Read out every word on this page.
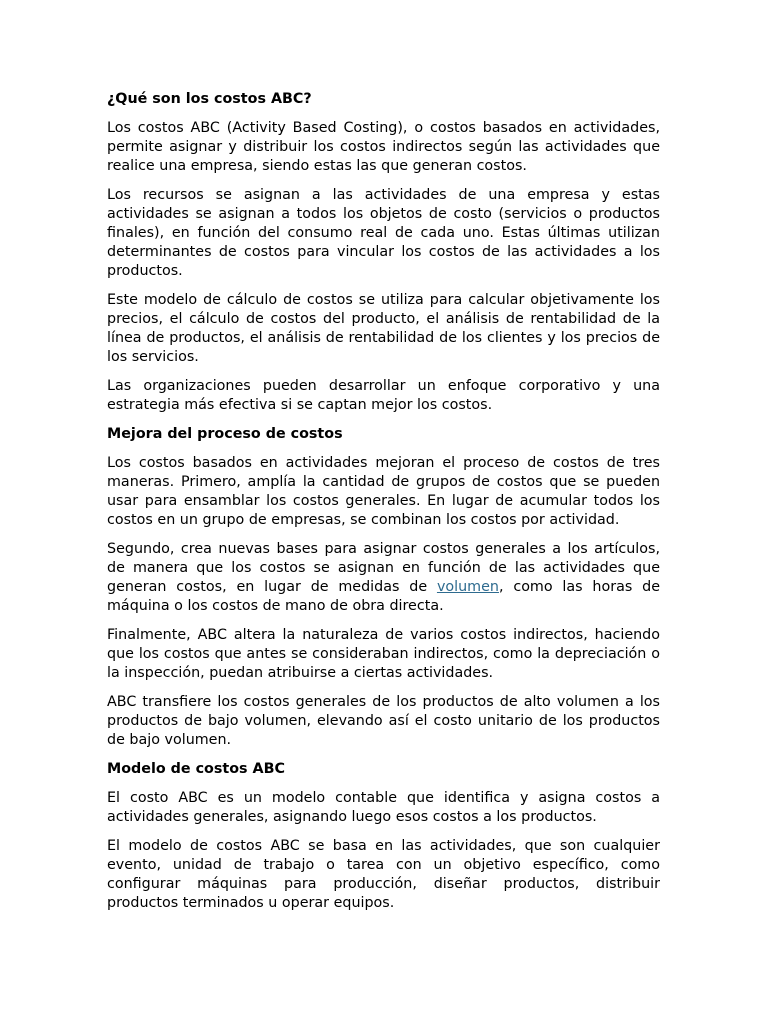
¿Qué son los costos ABC?

Los costos ABC (Activity Based Costing), o costos basados en actividades, permite asignar y distribuir los costos indirectos según las actividades que realice una empresa, siendo estas las que generan costos.

Los recursos se asignan a las actividades de una empresa y estas actividades se asignan a todos los objetos de costo (servicios o productos finales), en función del consumo real de cada uno. Estas últimas utilizan determinantes de costos para vincular los costos de las actividades a los productos.

Este modelo de cálculo de costos se utiliza para calcular objetivamente los precios, el cálculo de costos del producto, el análisis de rentabilidad de la línea de productos, el análisis de rentabilidad de los clientes y los precios de los servicios.

Las organizaciones pueden desarrollar un enfoque corporativo y una estrategia más efectiva si se captan mejor los costos.

Mejora del proceso de costos

Los costos basados en actividades mejoran el proceso de costos de tres maneras. Primero, amplía la cantidad de grupos de costos que se pueden usar para ensamblar los costos generales. En lugar de acumular todos los costos en un grupo de empresas, se combinan los costos por actividad.

Segundo, crea nuevas bases para asignar costos generales a los artículos, de manera que los costos se asignan en función de las actividades que generan costos, en lugar de medidas de volumen, como las horas de máquina o los costos de mano de obra directa.

Finalmente, ABC altera la naturaleza de varios costos indirectos, haciendo que los costos que antes se consideraban indirectos, como la depreciación o la inspección, puedan atribuirse a ciertas actividades.

ABC transfiere los costos generales de los productos de alto volumen a los productos de bajo volumen, elevando así el costo unitario de los productos de bajo volumen.

Modelo de costos ABC

El costo ABC es un modelo contable que identifica y asigna costos a actividades generales, asignando luego esos costos a los productos.

El modelo de costos ABC se basa en las actividades, que son cualquier evento, unidad de trabajo o tarea con un objetivo específico, como configurar máquinas para producción, diseñar productos, distribuir productos terminados u operar equipos.
